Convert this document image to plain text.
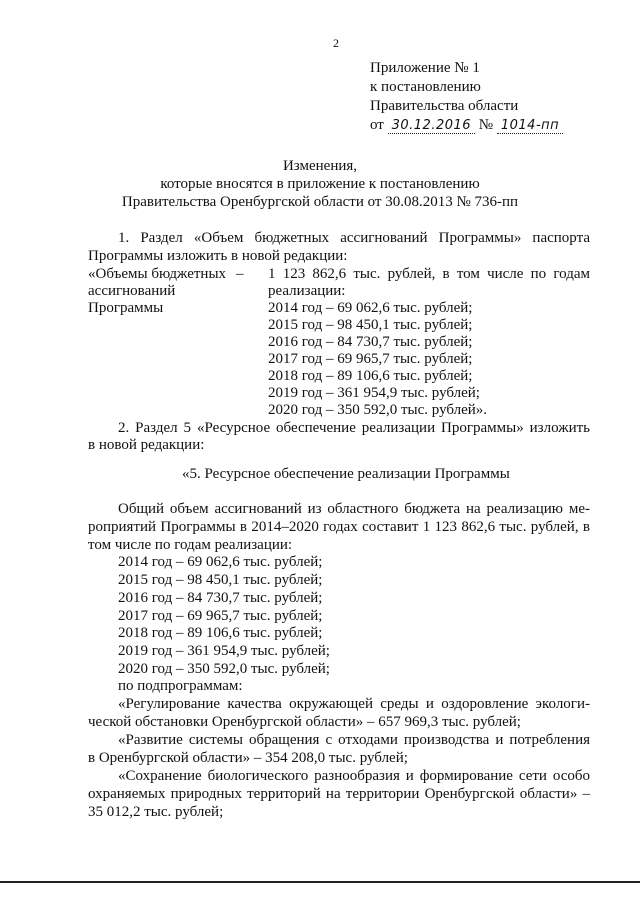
2
Приложение № 1
к постановлению
Правительства области
от 30.12.2016 № 1014-пп
Изменения,
которые вносятся в приложение к постановлению
Правительства Оренбургской области от 30.08.2013 № 736-пп
1. Раздел «Объем бюджетных ассигнований Программы» паспорта
Программы изложить в новой редакции:
«Объемы бюджетных
ассигнований
Программы
– 1 123 862,6 тыс. рублей, в том числе по годам
реализации:
2014 год – 69 062,6 тыс. рублей;
2015 год – 98 450,1 тыс. рублей;
2016 год – 84 730,7 тыс. рублей;
2017 год – 69 965,7 тыс. рублей;
2018 год – 89 106,6 тыс. рублей;
2019 год – 361 954,9 тыс. рублей;
2020 год – 350 592,0 тыс. рублей».
2. Раздел 5 «Ресурсное обеспечение реализации Программы» изложить
в новой редакции:
«5. Ресурсное обеспечение реализации Программы
Общий объем ассигнований из областного бюджета на реализацию ме-
роприятий Программы в 2014–2020 годах составит 1 123 862,6 тыс. рублей, в
том числе по годам реализации:
2014 год – 69 062,6 тыс. рублей;
2015 год – 98 450,1 тыс. рублей;
2016 год – 84 730,7 тыс. рублей;
2017 год – 69 965,7 тыс. рублей;
2018 год – 89 106,6 тыс. рублей;
2019 год – 361 954,9 тыс. рублей;
2020 год – 350 592,0 тыс. рублей;
по подпрограммам:
«Регулирование качества окружающей среды и оздоровление экологи-
ческой обстановки Оренбургской области» – 657 969,3 тыс. рублей;
«Развитие системы обращения с отходами производства и потребления
в Оренбургской области» – 354 208,0 тыс. рублей;
«Сохранение биологического разнообразия и формирование сети особо
охраняемых природных территорий на территории Оренбургской области» –
35 012,2 тыс. рублей;
